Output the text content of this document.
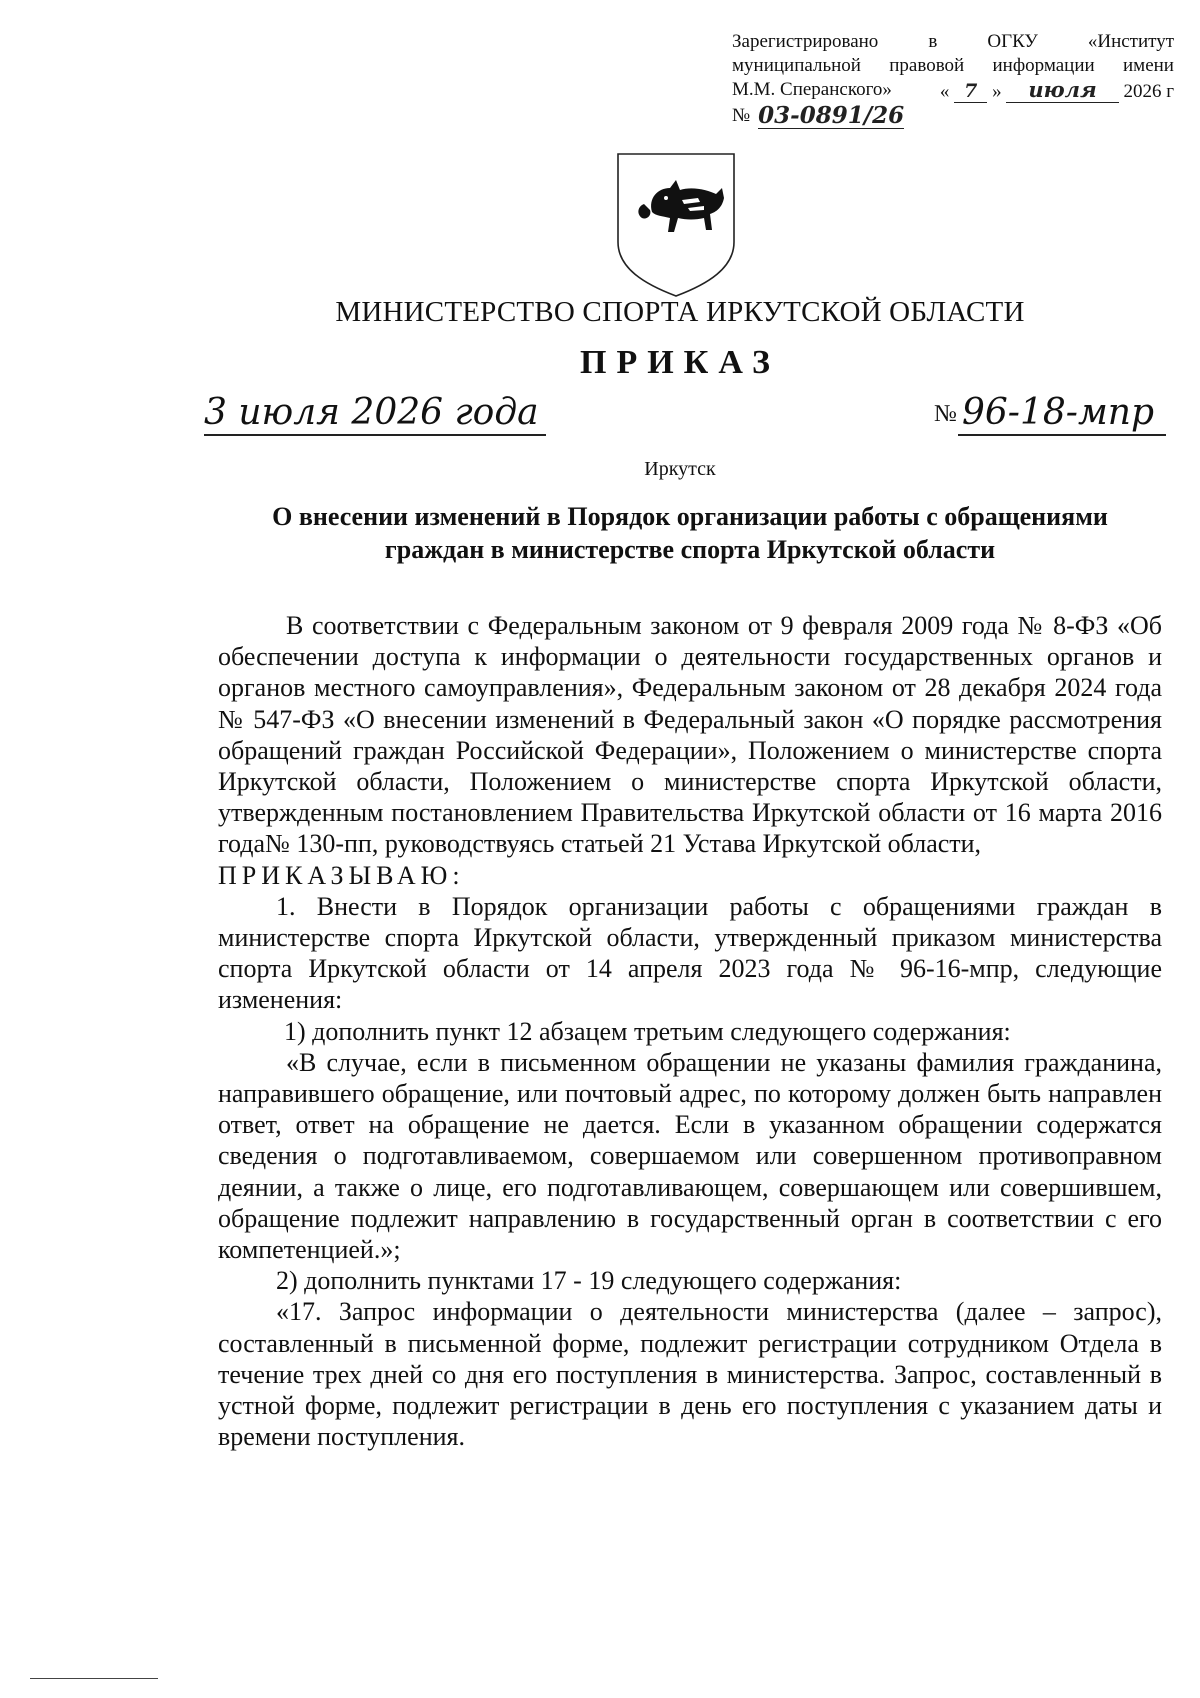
Зарегистрировано	в	ОГКУ	«Институт
муниципальной правовой информации имени
М.М. Сперанского»	« 7 » июля 2026 г
№ 03-0891/26
МИНИСТЕРСТВО СПОРТА ИРКУТСКОЙ ОБЛАСТИ
ПРИКАЗ
3 июля 2026 года	№ 96-18-мпр
Иркутск
О внесении изменений в Порядок организации работы с обращениями граждан в министерстве спорта Иркутской области

В соответствии с Федеральным законом от 9 февраля 2009 года № 8-ФЗ «Об обеспечении доступа к информации о деятельности государственных органов и органов местного самоуправления», Федеральным законом от 28 декабря 2024 года № 547-ФЗ «О внесении изменений в Федеральный закон «О порядке рассмотрения обращений граждан Российской Федерации», Положением о министерстве спорта Иркутской области, Положением о министерстве спорта Иркутской области, утвержденным постановлением Правительства Иркутской области от 16 марта 2016 года№ 130-пп, руководствуясь статьей 21 Устава Иркутской области,

ПРИКАЗЫВАЮ:

1. Внести в Порядок организации работы с обращениями граждан в министерстве спорта Иркутской области, утвержденный приказом министерства спорта Иркутской области от 14 апреля 2023 года № 96-16-мпр, следующие изменения:

1) дополнить пункт 12 абзацем третьим следующего содержания:

«В случае, если в письменном обращении не указаны фамилия гражданина, направившего обращение, или почтовый адрес, по которому должен быть направлен ответ, ответ на обращение не дается. Если в указанном обращении содержатся сведения о подготавливаемом, совершаемом или совершенном противоправном деянии, а также о лице, его подготавливающем, совершающем или совершившем, обращение подлежит направлению в государственный орган в соответствии с его компетенцией.»;

2) дополнить пунктами 17 - 19 следующего содержания:

«17. Запрос информации о деятельности министерства (далее – запрос), составленный в письменной форме, подлежит регистрации сотрудником Отдела в течение трех дней со дня его поступления в министерства. Запрос, составленный в устной форме, подлежит регистрации в день его поступления с указанием даты и времени поступления.
